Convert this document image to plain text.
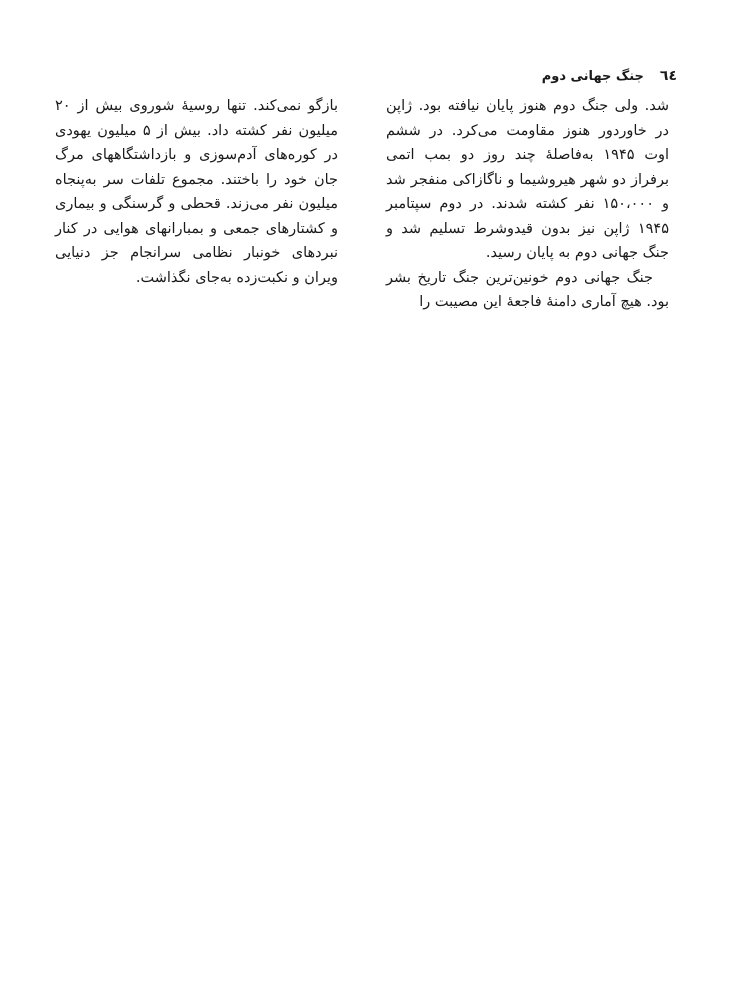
٦٤
جنگ جهانی دوم

شد. ولی جنگ دوم هنوز پایان نیافته بود. ژاپن در خاوردور هنوز مقاومت می‌کرد. در ششم اوت ۱۹۴۵ به‌فاصلهٔ چند روز دو بمب اتمی برفراز دو شهر هیروشیما و ناگازاکی منفجر شد و ۱۵۰،۰۰۰ نفر کشته شدند. در دوم سپتامبر ۱۹۴۵ ژاپن نیز بدون قیدوشرط تسلیم شد و جنگ جهانی دوم به پایان رسید.

جنگ جهانی دوم خونین‌ترین جنگ تاریخ بشر بود. هیچ آماری دامنهٔ فاجعهٔ این مصیبت را

بازگو نمی‌کند. تنها روسیهٔ شوروی بیش از ۲۰ میلیون نفر کشته داد. بیش از ۵ میلیون یهودی در کوره‌های آدم‌سوزی و بازداشتگاههای مرگ جان خود را باختند. مجموع تلفات سر به‌پنجاه میلیون نفر می‌زند. قحطی و گرسنگی و بیماری و کشتارهای جمعی و بمبارانهای هوایی در کنار نبردهای خونبار نظامی سرانجام جز دنیایی ویران و نکبت‌زده به‌جای نگذاشت.
